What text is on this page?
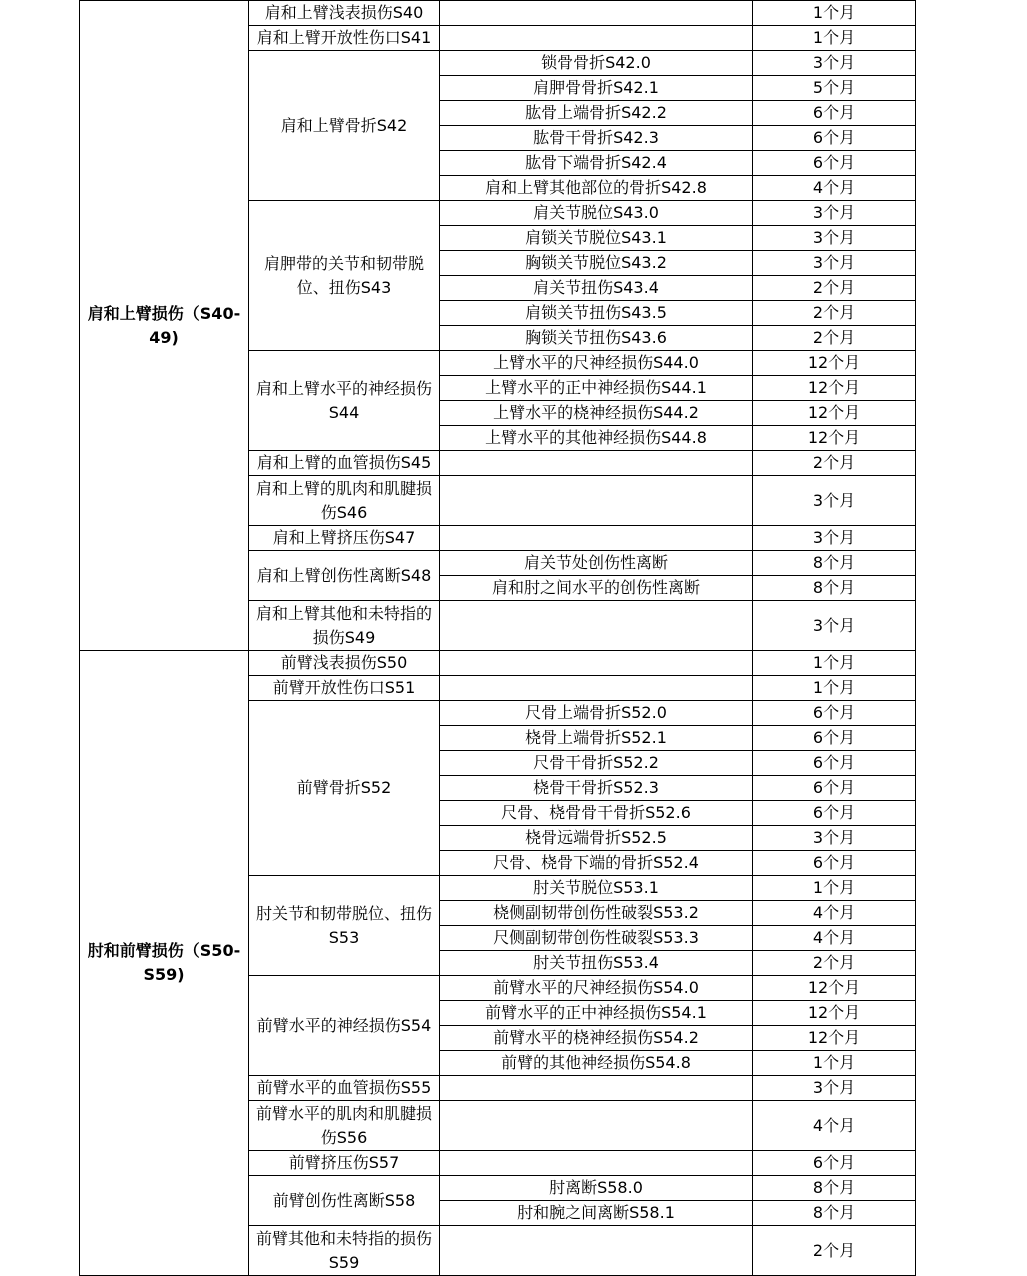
肩和上臂损伤（S40-49)	肩和上臂浅表损伤S40		1个月
	肩和上臂开放性伤口S41		1个月
	肩和上臂骨折S42	锁骨骨折S42.0	3个月
		肩胛骨骨折S42.1	5个月
		肱骨上端骨折S42.2	6个月
		肱骨干骨折S42.3	6个月
		肱骨下端骨折S42.4	6个月
		肩和上臂其他部位的骨折S42.8	4个月
	肩胛带的关节和韧带脱位、扭伤S43	肩关节脱位S43.0	3个月
		肩锁关节脱位S43.1	3个月
		胸锁关节脱位S43.2	3个月
		肩关节扭伤S43.4	2个月
		肩锁关节扭伤S43.5	2个月
		胸锁关节扭伤S43.6	2个月
	肩和上臂水平的神经损伤S44	上臂水平的尺神经损伤S44.0	12个月
		上臂水平的正中神经损伤S44.1	12个月
		上臂水平的桡神经损伤S44.2	12个月
		上臂水平的其他神经损伤S44.8	12个月
	肩和上臂的血管损伤S45		2个月
	肩和上臂的肌肉和肌腱损伤S46		3个月
	肩和上臂挤压伤S47		3个月
	肩和上臂创伤性离断S48	肩关节处创伤性离断	8个月
		肩和肘之间水平的创伤性离断	8个月
	肩和上臂其他和未特指的损伤S49		3个月
肘和前臂损伤（S50-S59)	前臂浅表损伤S50		1个月
	前臂开放性伤口S51		1个月
	前臂骨折S52	尺骨上端骨折S52.0	6个月
		桡骨上端骨折S52.1	6个月
		尺骨干骨折S52.2	6个月
		桡骨干骨折S52.3	6个月
		尺骨、桡骨骨干骨折S52.6	6个月
		桡骨远端骨折S52.5	3个月
		尺骨、桡骨下端的骨折S52.4	6个月
	肘关节和韧带脱位、扭伤S53	肘关节脱位S53.1	1个月
		桡侧副韧带创伤性破裂S53.2	4个月
		尺侧副韧带创伤性破裂S53.3	4个月
		肘关节扭伤S53.4	2个月
	前臂水平的神经损伤S54	前臂水平的尺神经损伤S54.0	12个月
		前臂水平的正中神经损伤S54.1	12个月
		前臂水平的桡神经损伤S54.2	12个月
		前臂的其他神经损伤S54.8	1个月
	前臂水平的血管损伤S55		3个月
	前臂水平的肌肉和肌腱损伤S56		4个月
	前臂挤压伤S57		6个月
	前臂创伤性离断S58	肘离断S58.0	8个月
		肘和腕之间离断S58.1	8个月
	前臂其他和未特指的损伤S59		2个月
